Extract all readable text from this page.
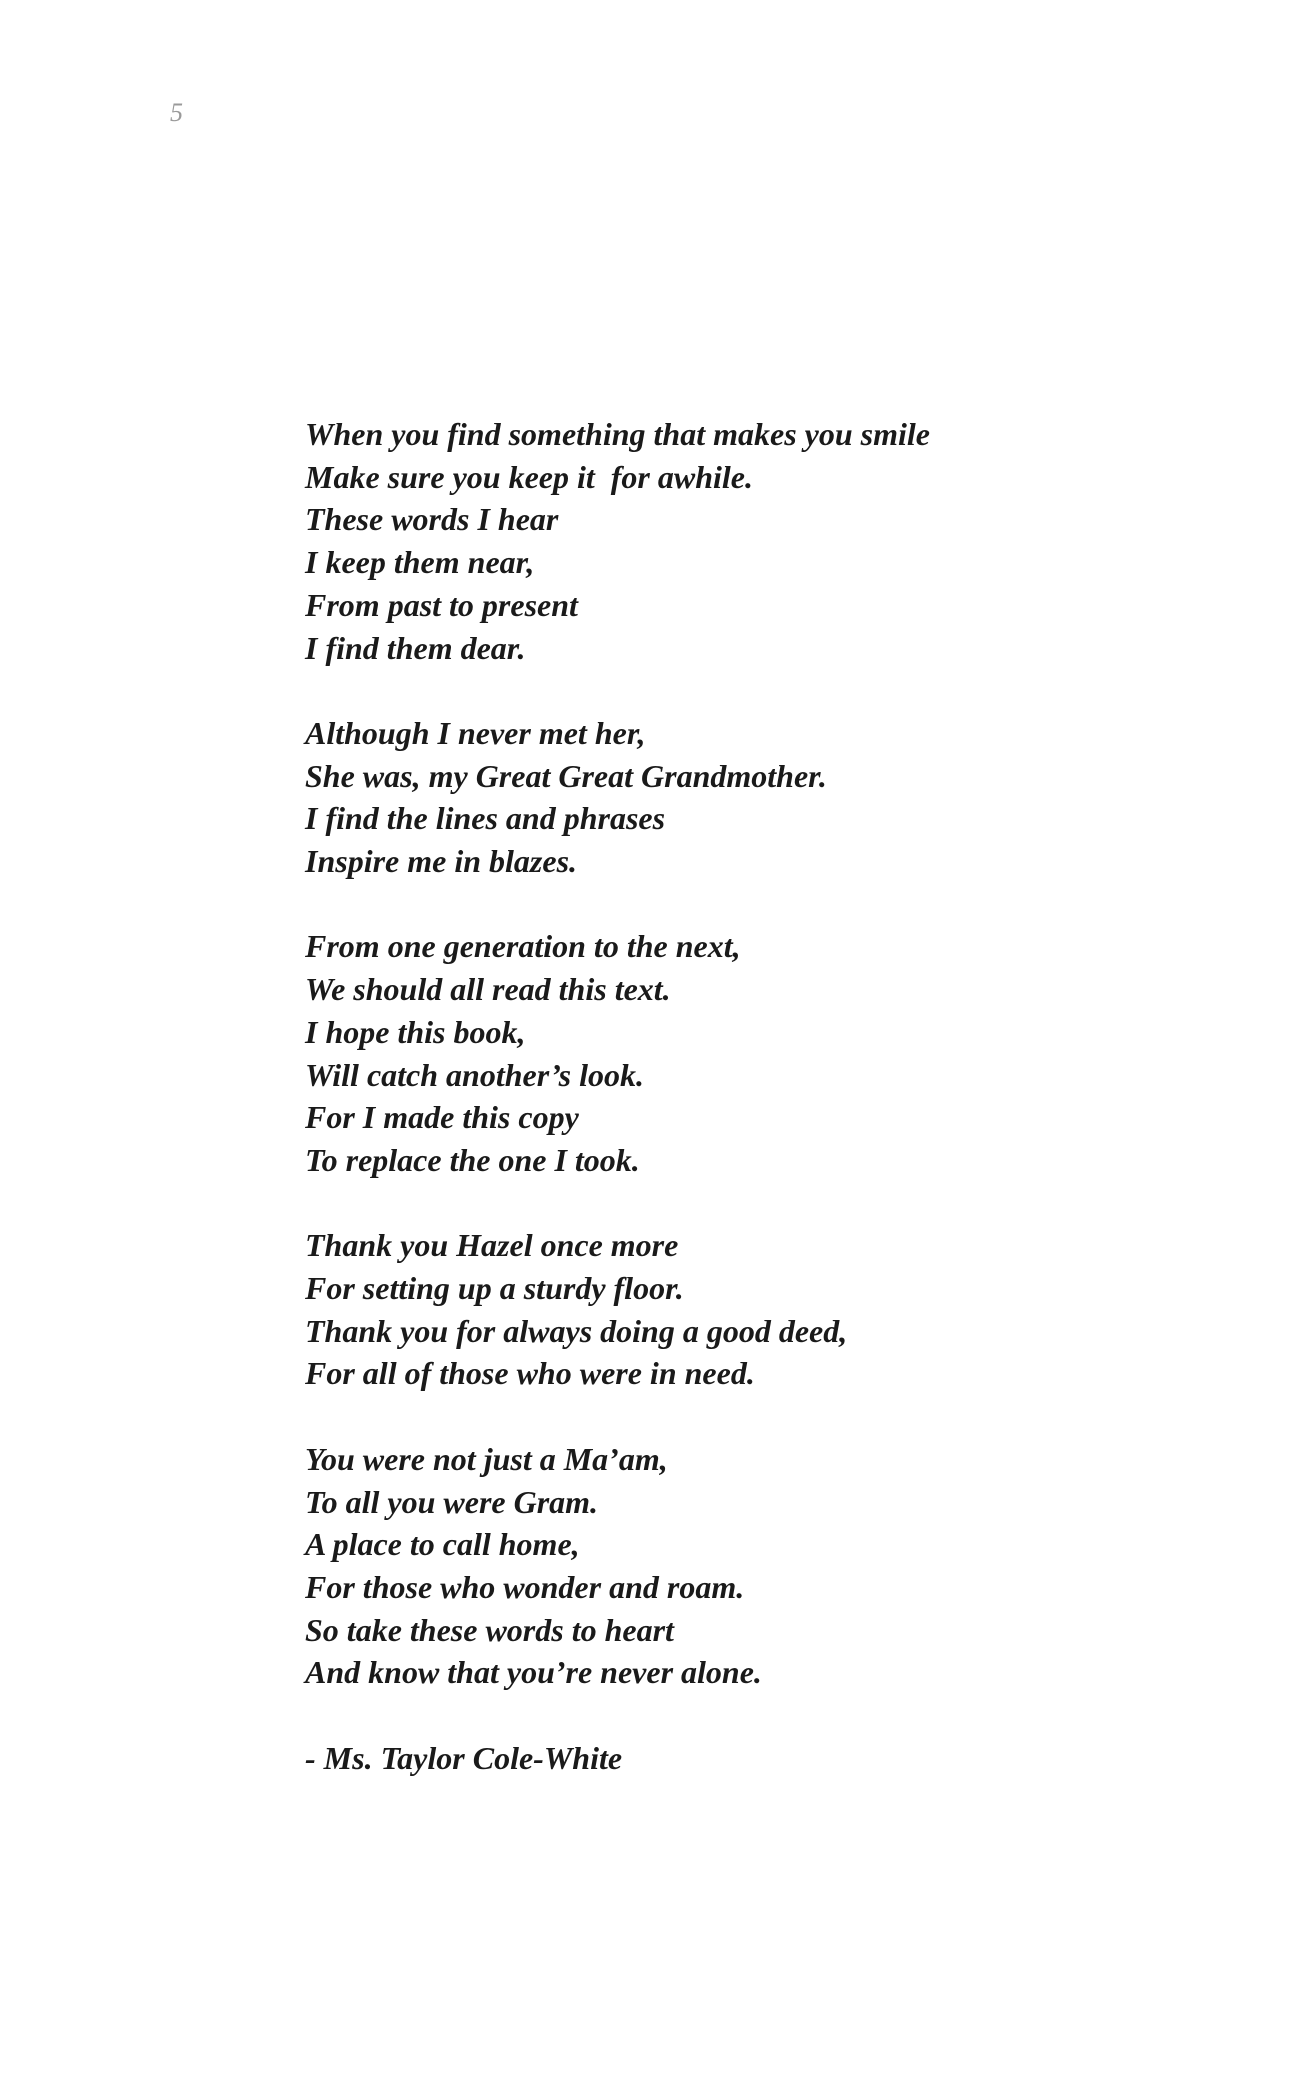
5
When you find something that makes you smile
Make sure you keep it  for awhile.
These words I hear
I keep them near,
From past to present
I find them dear.
Although I never met her,
She was, my Great Great Grandmother.
I find the lines and phrases
Inspire me in blazes.
From one generation to the next,
We should all read this text.
I hope this book,
Will catch another’s look.
For I made this copy
To replace the one I took.
Thank you Hazel once more
For setting up a sturdy floor.
Thank you for always doing a good deed,
For all of those who were in need.
You were not just a Ma’am,
To all you were Gram.
A place to call home,
For those who wonder and roam.
So take these words to heart
And know that you’re never alone.
- Ms. Taylor Cole-White
